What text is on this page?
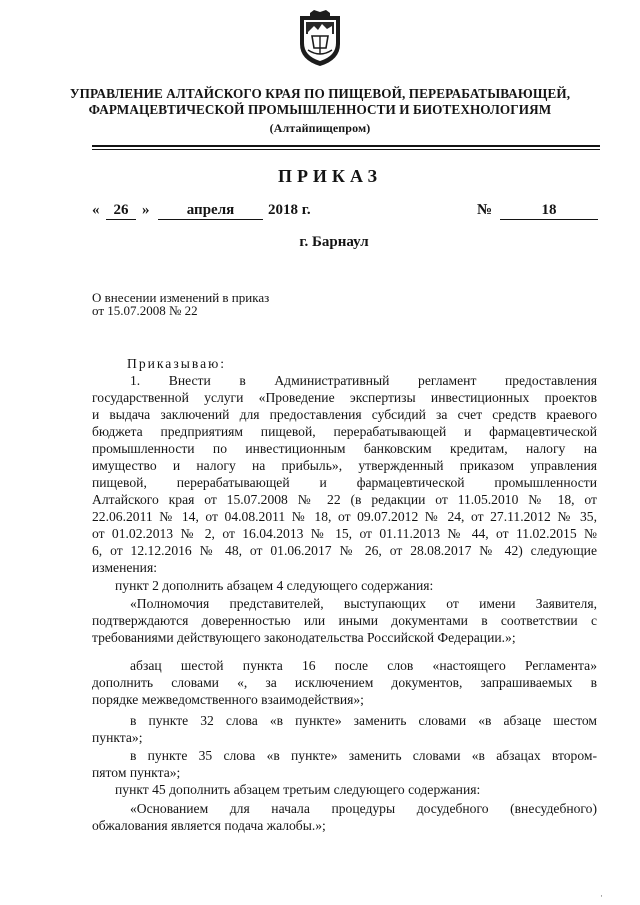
УПРАВЛЕНИЕ АЛТАЙСКОГО КРАЯ ПО ПИЩЕВОЙ, ПЕРЕРАБАТЫВАЮЩЕЙ,
ФАРМАЦЕВТИЧЕСКОЙ ПРОМЫШЛЕННОСТИ И БИОТЕХНОЛОГИЯМ
(Алтайпищепром)
ПРИКАЗ
« 26 »	апреля	2018 г.	№	18
г. Барнаул
О внесении изменений в приказ
от 15.07.2008 № 22
Приказываю:
1. Внести в Административный регламент предоставления
государственной услуги «Проведение экспертизы инвестиционных проектов
и выдача заключений для предоставления субсидий за счет средств краевого
бюджета предприятиям пищевой, перерабатывающей и фармацевтической
промышленности по инвестиционным банковским кредитам, налогу на
имущество и налогу на прибыль», утвержденный приказом управления
пищевой, перерабатывающей и фармацевтической промышленности
Алтайского края от 15.07.2008 № 22 (в редакции от 11.05.2010 № 18, от
22.06.2011 № 14, от 04.08.2011 № 18, от 09.07.2012 № 24, от 27.11.2012 № 35,
от 01.02.2013 № 2, от 16.04.2013 № 15, от 01.11.2013 № 44, от 11.02.2015 №
6, от 12.12.2016 № 48, от 01.06.2017 № 26, от 28.08.2017 № 42) следующие
изменения:
пункт 2 дополнить абзацем 4 следующего содержания:
«Полномочия представителей, выступающих от имени Заявителя,
подтверждаются доверенностью или иными документами в соответствии с
требованиями действующего законодательства Российской Федерации.»;
абзац шестой пункта 16 после слов «настоящего Регламента»
дополнить словами «, за исключением документов, запрашиваемых в
порядке межведомственного взаимодействия»;
в пункте 32 слова «в пункте» заменить словами «в абзаце шестом
пункта»;
в пункте 35 слова «в пункте» заменить словами «в абзацах втором-
пятом пункта»;
пункт 45 дополнить абзацем третьим следующего содержания:
«Основанием для начала процедуры досудебного (внесудебного)
обжалования является подача жалобы.»;
·
